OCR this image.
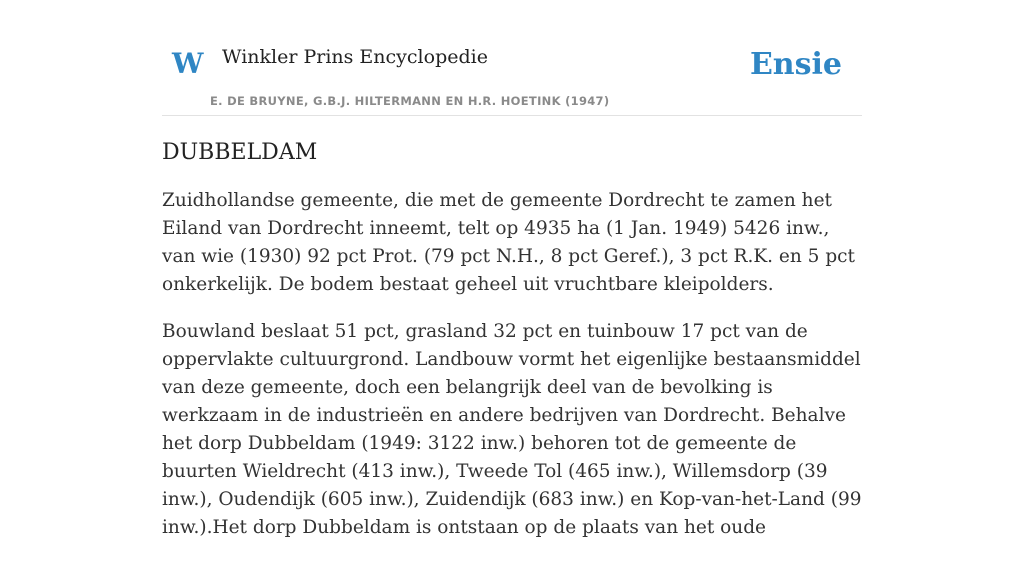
W Winkler Prins Encyclopedie
E. DE BRUYNE, G.B.J. HILTERMANN EN H.R. HOETINK (1947)
Ensie
DUBBELDAM

Zuidhollandse gemeente, die met de gemeente Dordrecht te zamen het Eiland van Dordrecht inneemt, telt op 4935 ha (1 Jan. 1949) 5426 inw., van wie (1930) 92 pct Prot. (79 pct N.H., 8 pct Geref.), 3 pct R.K. en 5 pct onkerkelijk. De bodem bestaat geheel uit vruchtbare kleipolders.

Bouwland beslaat 51 pct, grasland 32 pct en tuinbouw 17 pct van de oppervlakte cultuurgrond. Landbouw vormt het eigenlijke bestaansmiddel van deze gemeente, doch een belangrijk deel van de bevolking is werkzaam in de industrieën en andere bedrijven van Dordrecht. Behalve het dorp Dubbeldam (1949: 3122 inw.) behoren tot de gemeente de buurten Wieldrecht (413 inw.), Tweede Tol (465 inw.), Willemsdorp (39 inw.), Oudendijk (605 inw.), Zuidendijk (683 inw.) en Kop-van-het-Land (99 inw.).Het dorp Dubbeldam is ontstaan op de plaats van het oude
